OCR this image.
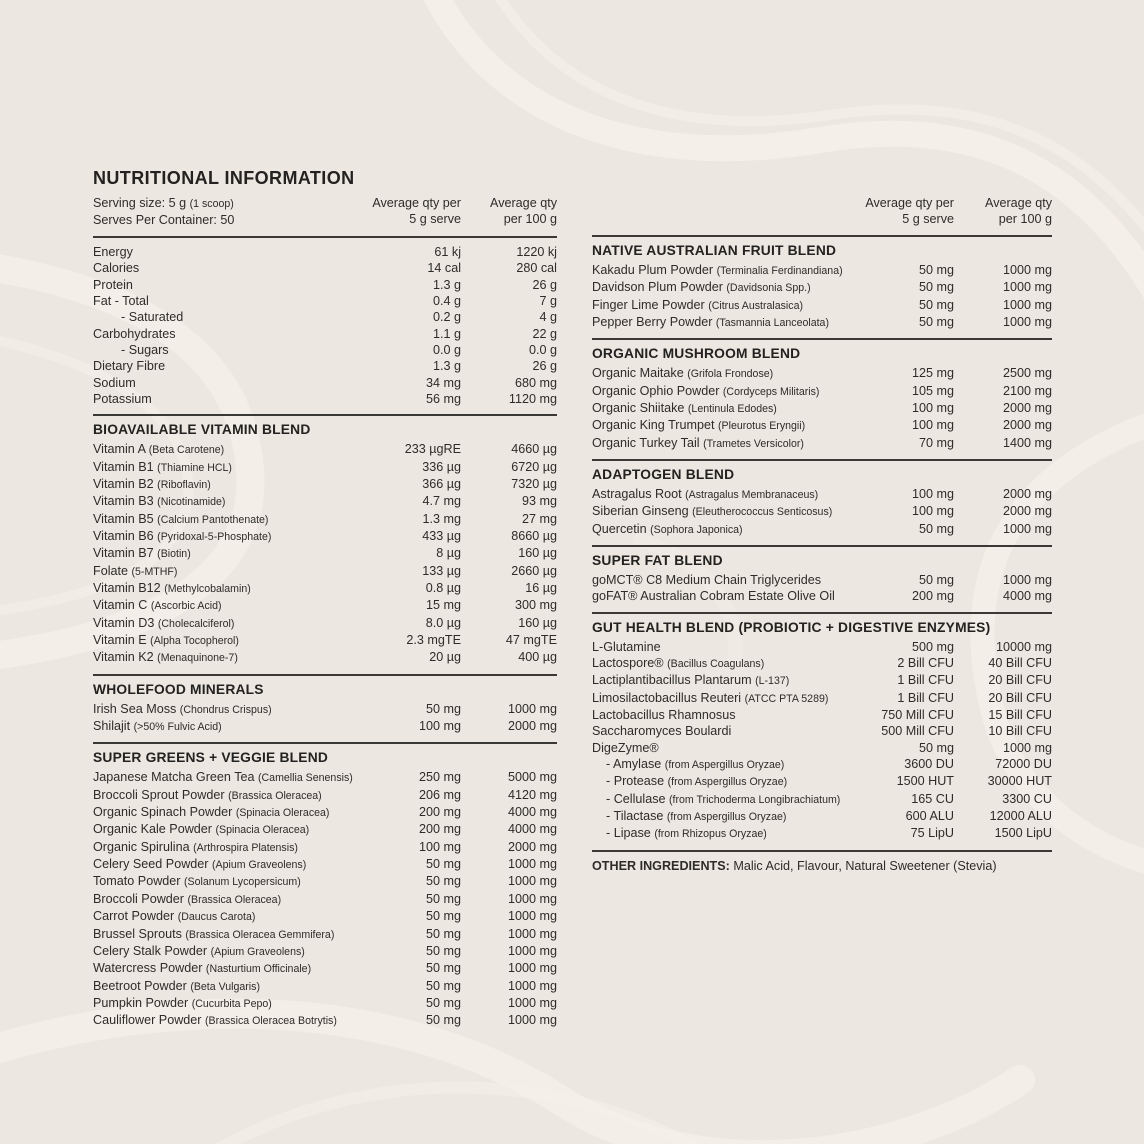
NUTRITIONAL INFORMATION
Serving size: 5 g (1 scoop)
Serves Per Container: 50
Average qty per
5 g serve
Average qty
per 100 g
Energy	61 kj	1220 kj
Calories	14 cal	280 cal
Protein	1.3 g	26 g
Fat - Total	0.4 g	7 g
- Saturated	0.2 g	4 g
Carbohydrates	1.1 g	22 g
- Sugars	0.0 g	0.0 g
Dietary Fibre	1.3 g	26 g
Sodium	34 mg	680 mg
Potassium	56 mg	1120 mg
BIOAVAILABLE VITAMIN BLEND
Vitamin A (Beta Carotene)	233 µgRE	4660 µg
Vitamin B1 (Thiamine HCL)	336 µg	6720 µg
Vitamin B2 (Riboflavin)	366 µg	7320 µg
Vitamin B3 (Nicotinamide)	4.7 mg	93 mg
Vitamin B5 (Calcium Pantothenate)	1.3 mg	27 mg
Vitamin B6 (Pyridoxal-5-Phosphate)	433 µg	8660 µg
Vitamin B7 (Biotin)	8 µg	160 µg
Folate (5-MTHF)	133 µg	2660 µg
Vitamin B12 (Methylcobalamin)	0.8 µg	16 µg
Vitamin C (Ascorbic Acid)	15 mg	300 mg
Vitamin D3 (Cholecalciferol)	8.0 µg	160 µg
Vitamin E (Alpha Tocopherol)	2.3 mgTE	47 mgTE
Vitamin K2 (Menaquinone-7)	20 µg	400 µg
WHOLEFOOD MINERALS
Irish Sea Moss (Chondrus Crispus)	50 mg	1000 mg
Shilajit (>50% Fulvic Acid)	100 mg	2000 mg
SUPER GREENS + VEGGIE BLEND
Japanese Matcha Green Tea (Camellia Senensis)	250 mg	5000 mg
Broccoli Sprout Powder (Brassica Oleracea)	206 mg	4120 mg
Organic Spinach Powder (Spinacia Oleracea)	200 mg	4000 mg
Organic Kale Powder (Spinacia Oleracea)	200 mg	4000 mg
Organic Spirulina (Arthrospira Platensis)	100 mg	2000 mg
Celery Seed Powder (Apium Graveolens)	50 mg	1000 mg
Tomato Powder (Solanum Lycopersicum)	50 mg	1000 mg
Broccoli Powder (Brassica Oleracea)	50 mg	1000 mg
Carrot Powder (Daucus Carota)	50 mg	1000 mg
Brussel Sprouts (Brassica Oleracea Gemmifera)	50 mg	1000 mg
Celery Stalk Powder (Apium Graveolens)	50 mg	1000 mg
Watercress Powder (Nasturtium Officinale)	50 mg	1000 mg
Beetroot Powder (Beta Vulgaris)	50 mg	1000 mg
Pumpkin Powder (Cucurbita Pepo)	50 mg	1000 mg
Cauliflower Powder (Brassica Oleracea Botrytis)	50 mg	1000 mg
Average qty per
5 g serve
Average qty
per 100 g
NATIVE AUSTRALIAN FRUIT BLEND
Kakadu Plum Powder (Terminalia Ferdinandiana)	50 mg	1000 mg
Davidson Plum Powder (Davidsonia Spp.)	50 mg	1000 mg
Finger Lime Powder (Citrus Australasica)	50 mg	1000 mg
Pepper Berry Powder (Tasmannia Lanceolata)	50 mg	1000 mg
ORGANIC MUSHROOM BLEND
Organic Maitake (Grifola Frondose)	125 mg	2500 mg
Organic Ophio Powder (Cordyceps Militaris)	105 mg	2100 mg
Organic Shiitake (Lentinula Edodes)	100 mg	2000 mg
Organic King Trumpet (Pleurotus Eryngii)	100 mg	2000 mg
Organic Turkey Tail (Trametes Versicolor)	70 mg	1400 mg
ADAPTOGEN BLEND
Astragalus Root (Astragalus Membranaceus)	100 mg	2000 mg
Siberian Ginseng (Eleutherococcus Senticosus)	100 mg	2000 mg
Quercetin (Sophora Japonica)	50 mg	1000 mg
SUPER FAT BLEND
goMCT® C8 Medium Chain Triglycerides	50 mg	1000 mg
goFAT® Australian Cobram Estate Olive Oil	200 mg	4000 mg
GUT HEALTH BLEND (PROBIOTIC + DIGESTIVE ENZYMES)
L-Glutamine	500 mg	10000 mg
Lactospore® (Bacillus Coagulans)	2 Bill CFU	40 Bill CFU
Lactiplantibacillus Plantarum (L-137)	1 Bill CFU	20 Bill CFU
Limosilactobacillus Reuteri (ATCC PTA 5289)	1 Bill CFU	20 Bill CFU
Lactobacillus Rhamnosus	750 Mill CFU	15 Bill CFU
Saccharomyces Boulardi	500 Mill CFU	10 Bill CFU
DigeZyme®	50 mg	1000 mg
- Amylase (from Aspergillus Oryzae)	3600 DU	72000 DU
- Protease (from Aspergillus Oryzae)	1500 HUT	30000 HUT
- Cellulase (from Trichoderma Longibrachiatum)	165 CU	3300 CU
- Tilactase (from Aspergillus Oryzae)	600 ALU	12000 ALU
- Lipase (from Rhizopus Oryzae)	75 LipU	1500 LipU
OTHER INGREDIENTS: Malic Acid, Flavour, Natural Sweetener (Stevia)
